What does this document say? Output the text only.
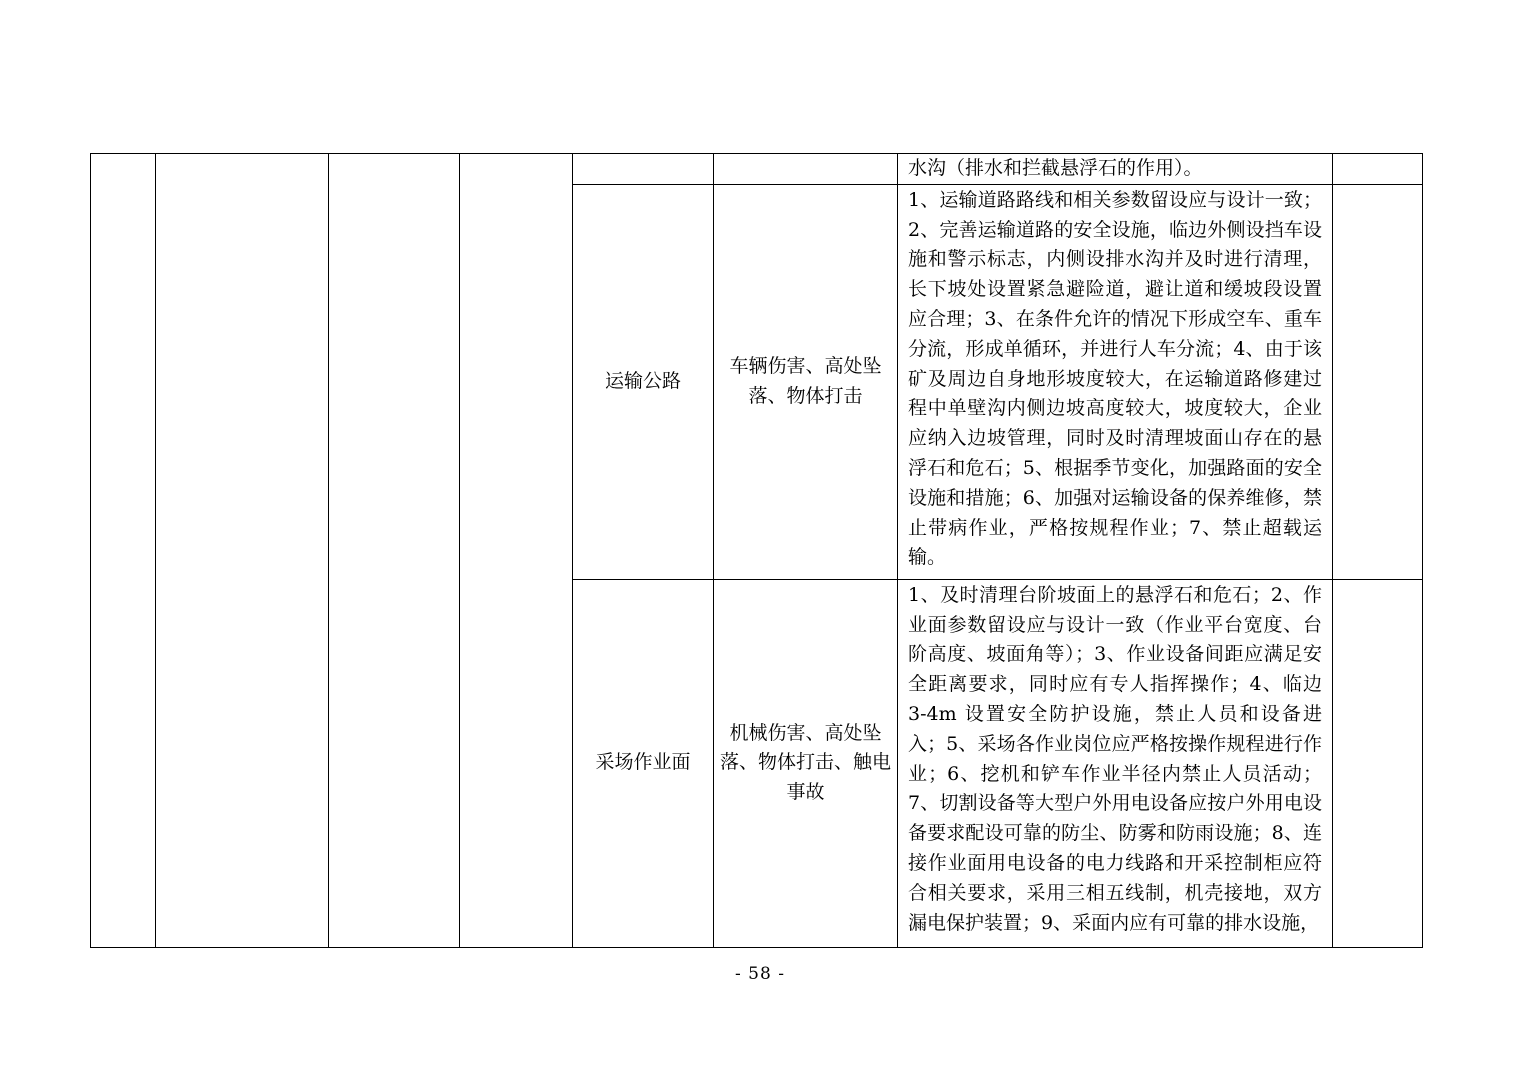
						水沟（排水和拦截悬浮石的作用）。	
				运输公路	车辆伤害、高处坠落、物体打击	1、运输道路路线和相关参数留设应与设计一致；2、完善运输道路的安全设施，临边外侧设挡车设施和警示标志，内侧设排水沟并及时进行清理，长下坡处设置紧急避险道，避让道和缓坡段设置应合理；3、在条件允许的情况下形成空车、重车分流，形成单循环，并进行人车分流；4、由于该矿及周边自身地形坡度较大，在运输道路修建过程中单壁沟内侧边坡高度较大，坡度较大，企业应纳入边坡管理，同时及时清理坡面山存在的悬浮石和危石；5、根据季节变化，加强路面的安全设施和措施；6、加强对运输设备的保养维修，禁止带病作业，严格按规程作业；7、禁止超载运输。	
				采场作业面	机械伤害、高处坠落、物体打击、触电事故	1、及时清理台阶坡面上的悬浮石和危石；2、作业面参数留设应与设计一致（作业平台宽度、台阶高度、坡面角等）；3、作业设备间距应满足安全距离要求，同时应有专人指挥操作；4、临边 3-4m 设置安全防护设施，禁止人员和设备进入；5、采场各作业岗位应严格按操作规程进行作业；6、挖机和铲车作业半径内禁止人员活动；7、切割设备等大型户外用电设备应按户外用电设备要求配设可靠的防尘、防雾和防雨设施；8、连接作业面用电设备的电力线路和开采控制柜应符合相关要求，采用三相五线制，机壳接地，双方漏电保护装置；9、采面内应有可靠的排水设施，	
- 58 -
